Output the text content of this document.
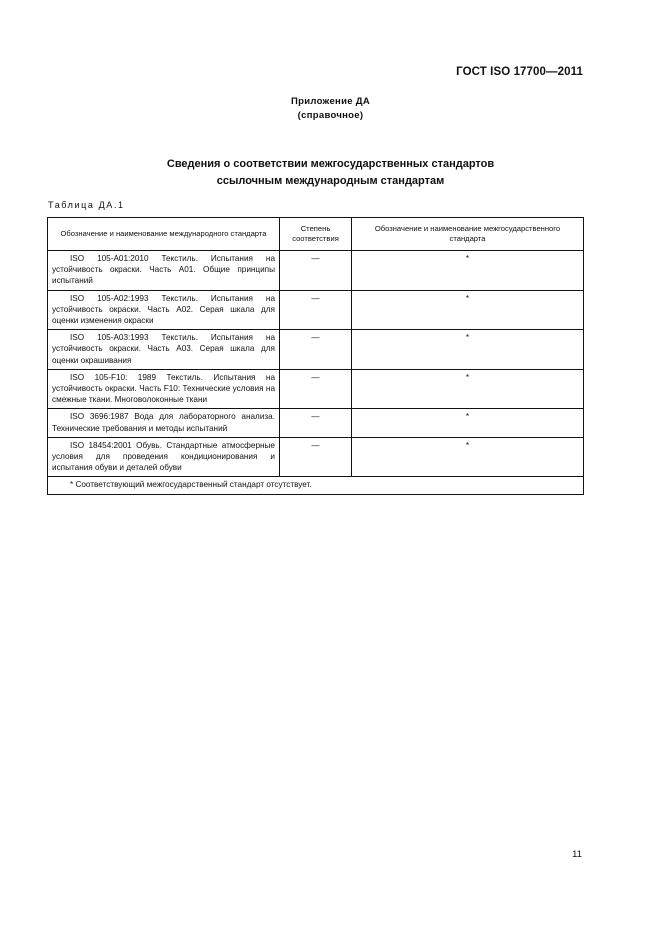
ГОСТ ISO 17700—2011
Приложение ДА
(справочное)
Сведения о соответствии межгосударственных стандартов
ссылочным международным стандартам
Таблица ДА.1
Обозначение и наименование международного стандарта	Степень соответствия	Обозначение и наименование межгосударственного стандарта
ISO 105-A01:2010 Текстиль. Испытания на устойчивость окраски. Часть А01. Общие принципы испытаний	—	*
ISO 105-A02:1993 Текстиль. Испытания на устойчивость окраски. Часть А02. Серая шкала для оценки изменения окраски	—	*
ISO 105-A03:1993 Текстиль. Испытания на устойчивость окраски. Часть А03. Серая шкала для оценки окрашивания	—	*
ISO 105-F10: 1989 Текстиль. Испытания на устойчивость окраски. Часть F10: Технические условия на смежные ткани. Многоволоконные ткани	—	*
ISO 3696:1987 Вода для лабораторного анализа. Технические требования и методы испытаний	—	*
ISO 18454:2001 Обувь. Стандартные атмосферные условия для проведения кондиционирования и испытания обуви и деталей обуви	—	*
* Соответствующий межгосударственный стандарт отсутствует.		
11
